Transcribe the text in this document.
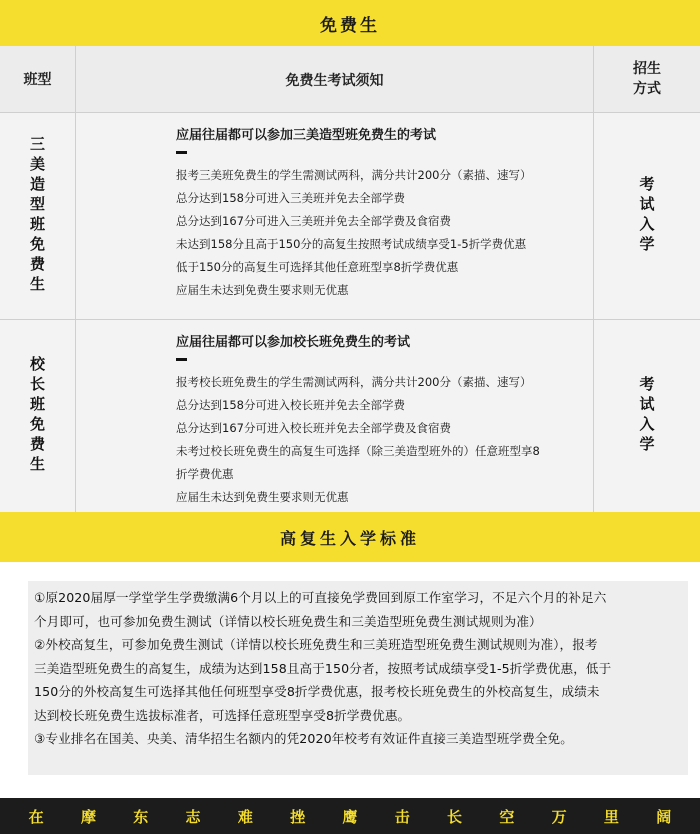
免费生
班型	免费生考试须知
招生
方式
三美造型班免费生

应届往届都可以参加三美造型班免费生的考试

报考三美班免费生的学生需测试两科，满分共计200分（素描、速写）

总分达到158分可进入三美班并免去全部学费

总分达到167分可进入三美班并免去全部学费及食宿费

未达到158分且高于150分的高复生按照考试成绩享受1-5折学费优惠

低于150分的高复生可选择其他任意班型享8折学费优惠

应届生未达到免费生要求则无优惠

考试入学
校长班免费生

应届往届都可以参加校长班免费生的考试

报考校长班免费生的学生需测试两科，满分共计200分（素描、速写）

总分达到158分可进入校长班并免去全部学费

总分达到167分可进入校长班并免去全部学费及食宿费

未考过校长班免费生的高复生可选择（除三美造型班外的）任意班型享8

折学费优惠

应届生未达到免费生要求则无优惠

考试入学
高复生入学标准

①原2020届厚一学堂学生学费缴满6个月以上的可直接免学费回到原工作室学习，不足六个月的补足六

个月即可，也可参加免费生测试（详情以校长班免费生和三美造型班免费生测试规则为准）

②外校高复生，可参加免费生测试（详情以校长班免费生和三美班造型班免费生测试规则为准），报考

三美造型班免费生的高复生，成绩为达到158且高于150分者，按照考试成绩享受1-5折学费优惠，低于

150分的外校高复生可选择其他任何班型享受8折学费优惠，报考校长班免费生的外校高复生，成绩未

达到校长班免费生选拔标准者，可选择任意班型享受8折学费优惠。

③专业排名在国美、央美、清华招生名额内的凭2020年校考有效证件直接三美造型班学费全免。

在 摩 东 志 难 挫 鹰 击 长 空 万 里 阔
